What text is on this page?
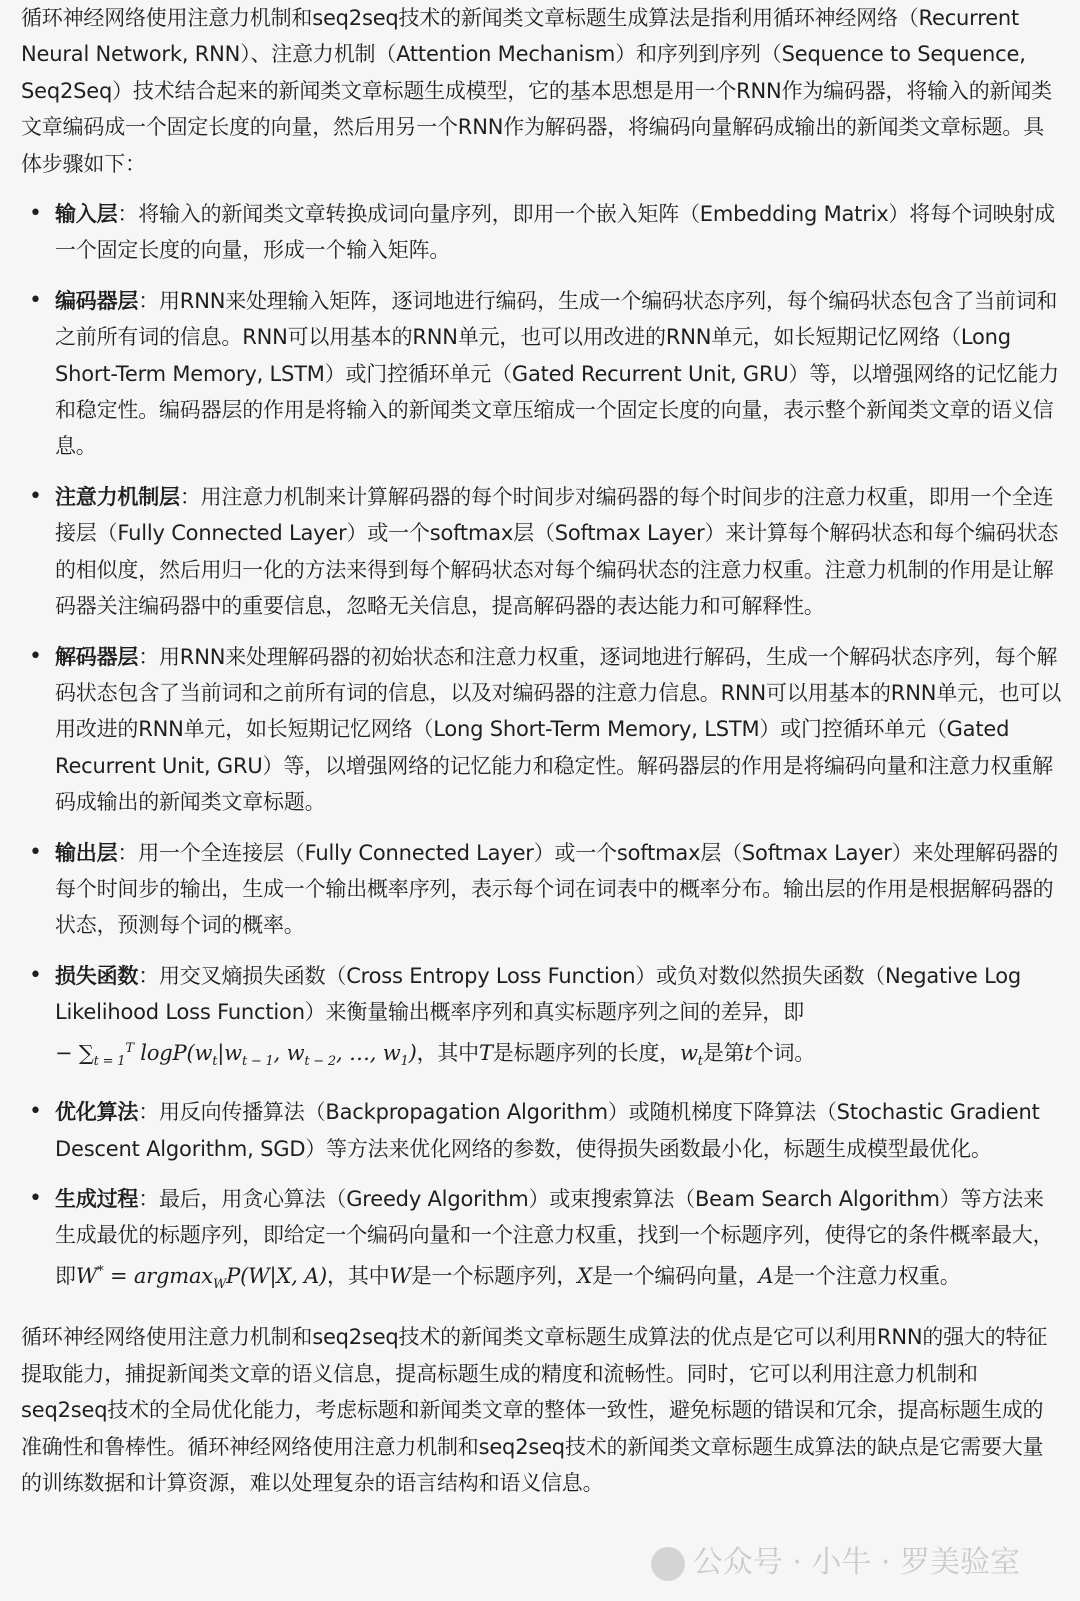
循环神经网络使用注意力机制和seq2seq技术的新闻类文章标题生成算法是指利用循环神经网络（Recurrent Neural Network, RNN）、注意力机制（Attention Mechanism）和序列到序列（Sequence to Sequence, Seq2Seq）技术结合起来的新闻类文章标题生成模型，它的基本思想是用一个RNN作为编码器，将输入的新闻类文章编码成一个固定长度的向量，然后用另一个RNN作为解码器，将编码向量解码成输出的新闻类文章标题。具体步骤如下：

• 输入层：将输入的新闻类文章转换成词向量序列，即用一个嵌入矩阵（Embedding Matrix）将每个词映射成一个固定长度的向量，形成一个输入矩阵。
• 编码器层：用RNN来处理输入矩阵，逐词地进行编码，生成一个编码状态序列，每个编码状态包含了当前词和之前所有词的信息。RNN可以用基本的RNN单元，也可以用改进的RNN单元，如长短期记忆网络（Long Short-Term Memory, LSTM）或门控循环单元（Gated Recurrent Unit, GRU）等，以增强网络的记忆能力和稳定性。编码器层的作用是将输入的新闻类文章压缩成一个固定长度的向量，表示整个新闻类文章的语义信息。
• 注意力机制层：用注意力机制来计算解码器的每个时间步对编码器的每个时间步的注意力权重，即用一个全连接层（Fully Connected Layer）或一个softmax层（Softmax Layer）来计算每个解码状态和每个编码状态的相似度，然后用归一化的方法来得到每个解码状态对每个编码状态的注意力权重。注意力机制的作用是让解码器关注编码器中的重要信息，忽略无关信息，提高解码器的表达能力和可解释性。
• 解码器层：用RNN来处理解码器的初始状态和注意力权重，逐词地进行解码，生成一个解码状态序列，每个解码状态包含了当前词和之前所有词的信息，以及对编码器的注意力信息。RNN可以用基本的RNN单元，也可以用改进的RNN单元，如长短期记忆网络（Long Short-Term Memory, LSTM）或门控循环单元（Gated Recurrent Unit, GRU）等，以增强网络的记忆能力和稳定性。解码器层的作用是将编码向量和注意力权重解码成输出的新闻类文章标题。
• 输出层：用一个全连接层（Fully Connected Layer）或一个softmax层（Softmax Layer）来处理解码器的每个时间步的输出，生成一个输出概率序列，表示每个词在词表中的概率分布。输出层的作用是根据解码器的状态，预测每个词的概率。
• 损失函数：用交叉熵损失函数（Cross Entropy Loss Function）或负对数似然损失函数（Negative Log Likelihood Loss Function）来衡量输出概率序列和真实标题序列之间的差异，即
− $\sum_{t = 1}^T$ $\log P(w_t|w_{t - 1}$, $w_{t - 2}$, …, $w_1$)，其中T是标题序列的长度，$w_t$是第t个词。
• 优化算法：用反向传播算法（Backpropagation Algorithm）或随机梯度下降算法（Stochastic Gradient Descent Algorithm, SGD）等方法来优化网络的参数，使得损失函数最小化，标题生成模型最优化。
• 生成过程：最后，用贪心算法（Greedy Algorithm）或束搜索算法（Beam Search Algorithm）等方法来生成最优的标题序列，即给定一个编码向量和一个注意力权重，找到一个标题序列，使得它的条件概率最大，即W* = argmax$_W$P(W|X, A)，其中W是一个标题序列，X是一个编码向量，A是一个注意力权重。

循环神经网络使用注意力机制和seq2seq技术的新闻类文章标题生成算法的优点是它可以利用RNN的强大的特征提取能力，捕捉新闻类文章的语义信息，提高标题生成的精度和流畅性。同时，它可以利用注意力机制和seq2seq技术的全局优化能力，考虑标题和新闻类文章的整体一致性，避免标题的错误和冗余，提高标题生成的准确性和鲁棒性。循环神经网络使用注意力机制和seq2seq技术的新闻类文章标题生成算法的缺点是它需要大量的训练数据和计算资源，难以处理复杂的语言结构和语义信息。

公众号 · 小牛 · 罗美验室
